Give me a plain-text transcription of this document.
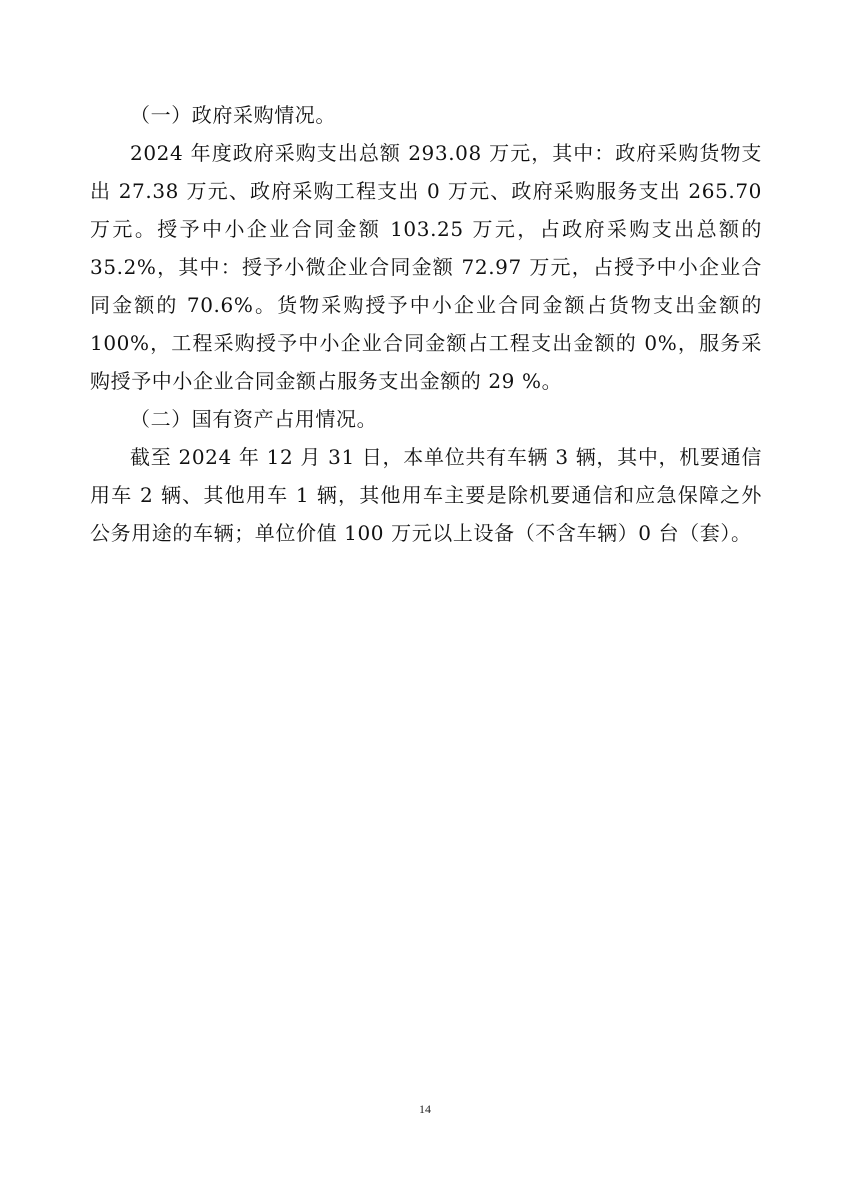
（一）政府采购情况。

2024 年度政府采购支出总额 293.08 万元，其中：政府采购货物支出 27.38 万元、政府采购工程支出 0 万元、政府采购服务支出 265.70 万元。授予中小企业合同金额 103.25 万元，占政府采购支出总额的 35.2%，其中：授予小微企业合同金额 72.97 万元，占授予中小企业合同金额的 70.6%。货物采购授予中小企业合同金额占货物支出金额的 100%，工程采购授予中小企业合同金额占工程支出金额的 0%，服务采购授予中小企业合同金额占服务支出金额的 29 %。

（二）国有资产占用情况。

截至 2024 年 12 月 31 日，本单位共有车辆 3 辆，其中，机要通信用车 2 辆、其他用车 1 辆，其他用车主要是除机要通信和应急保障之外公务用途的车辆；单位价值 100 万元以上设备（不含车辆）0 台（套）。

14
